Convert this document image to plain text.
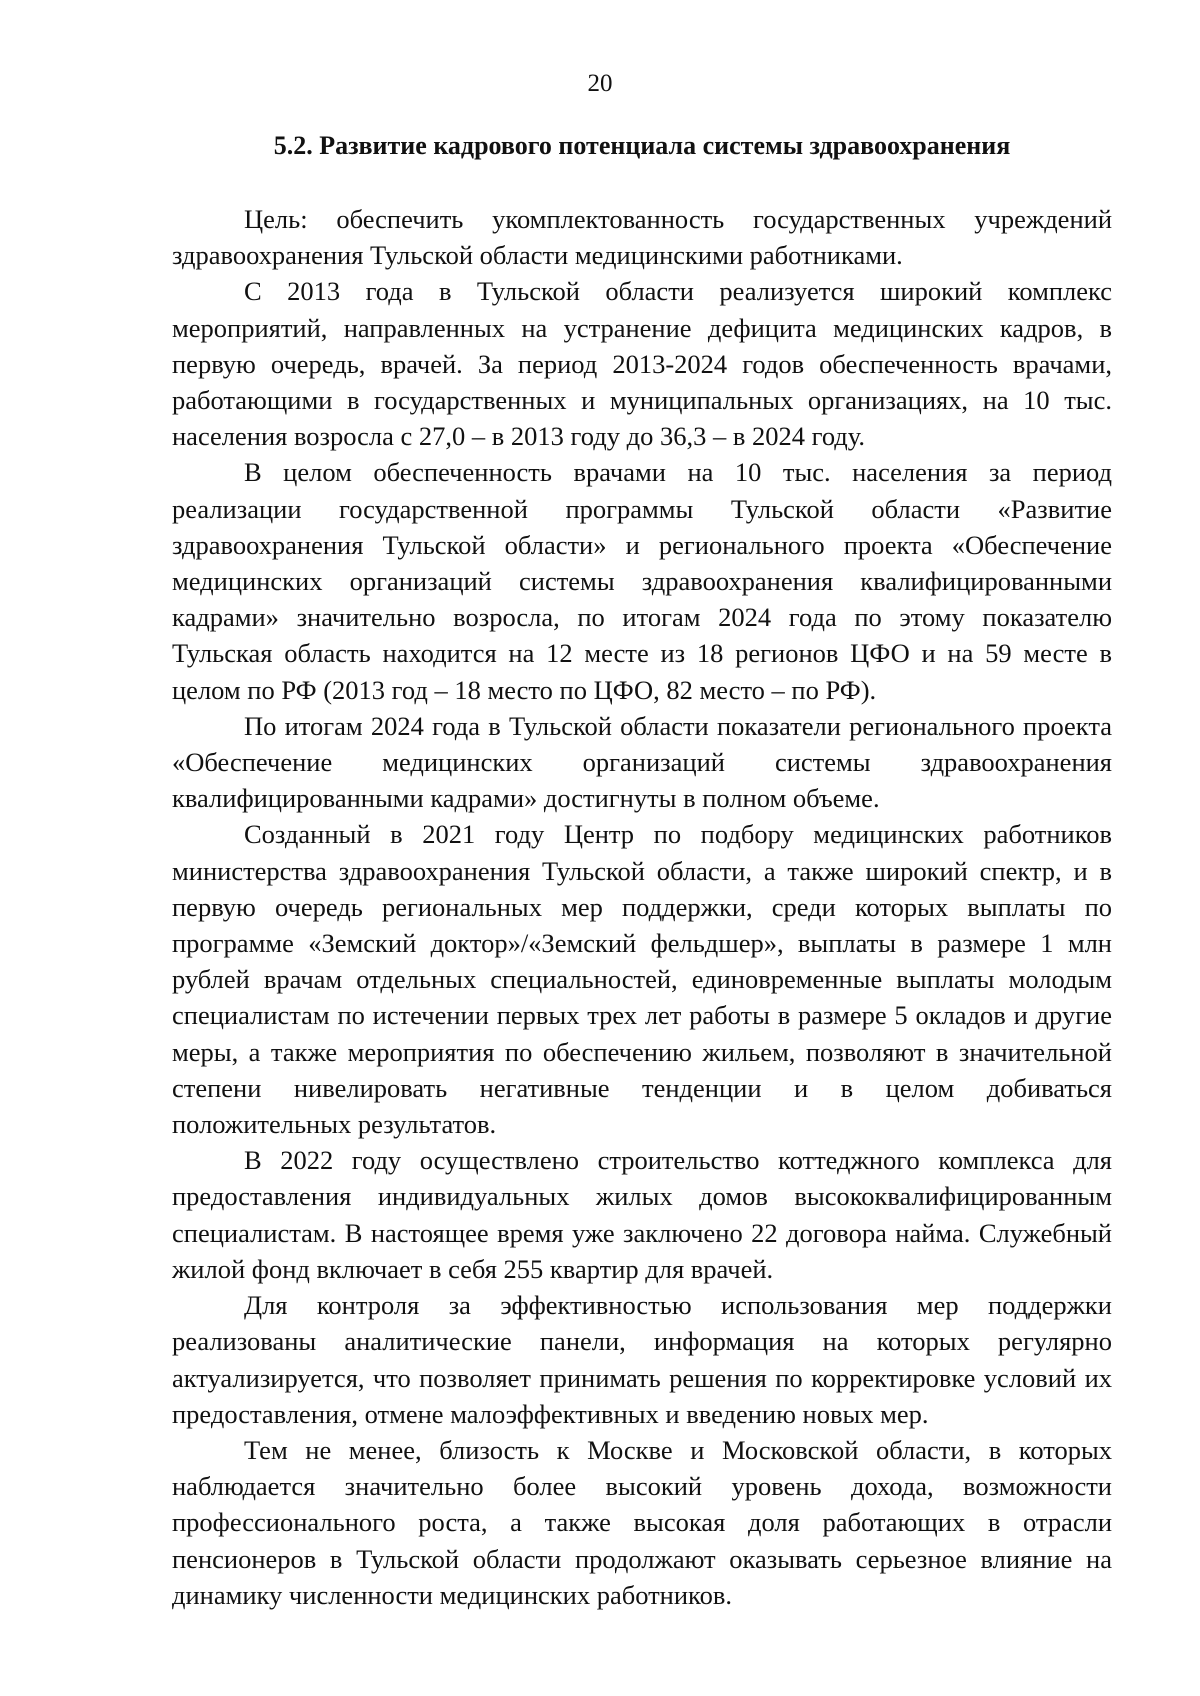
20
5.2. Развитие кадрового потенциала системы здравоохранения

Цель: обеспечить укомплектованность государственных учреждений здравоохранения Тульской области медицинскими работниками.

С 2013 года в Тульской области реализуется широкий комплекс мероприятий, направленных на устранение дефицита медицинских кадров, в первую очередь, врачей. За период 2013-2024 годов обеспеченность врачами, работающими в государственных и муниципальных организациях, на 10 тыс. населения возросла с 27,0 – в 2013 году до 36,3 – в 2024 году.

В целом обеспеченность врачами на 10 тыс. населения за период реализации государственной программы Тульской области «Развитие здравоохранения Тульской области» и регионального проекта «Обеспечение медицинских организаций системы здравоохранения квалифицированными кадрами» значительно возросла, по итогам 2024 года по этому показателю Тульская область находится на 12 месте из 18 регионов ЦФО и на 59 месте в целом по РФ (2013 год – 18 место по ЦФО, 82 место – по РФ).

По итогам 2024 года в Тульской области показатели регионального проекта «Обеспечение медицинских организаций системы здравоохранения квалифицированными кадрами» достигнуты в полном объеме.

Созданный в 2021 году Центр по подбору медицинских работников министерства здравоохранения Тульской области, а также широкий спектр, и в первую очередь региональных мер поддержки, среди которых выплаты по программе «Земский доктор»/«Земский фельдшер», выплаты в размере 1 млн рублей врачам отдельных специальностей, единовременные выплаты молодым специалистам по истечении первых трех лет работы в размере 5 окладов и другие меры, а также мероприятия по обеспечению жильем, позволяют в значительной степени нивелировать негативные тенденции и в целом добиваться положительных результатов.

В 2022 году осуществлено строительство коттеджного комплекса для предоставления индивидуальных жилых домов высококвалифицированным специалистам. В настоящее время уже заключено 22 договора найма. Служебный жилой фонд включает в себя 255 квартир для врачей.

Для контроля за эффективностью использования мер поддержки реализованы аналитические панели, информация на которых регулярно актуализируется, что позволяет принимать решения по корректировке условий их предоставления, отмене малоэффективных и введению новых мер.

Тем не менее, близость к Москве и Московской области, в которых наблюдается значительно более высокий уровень дохода, возможности профессионального роста, а также высокая доля работающих в отрасли пенсионеров в Тульской области продолжают оказывать серьезное влияние на динамику численности медицинских работников.
